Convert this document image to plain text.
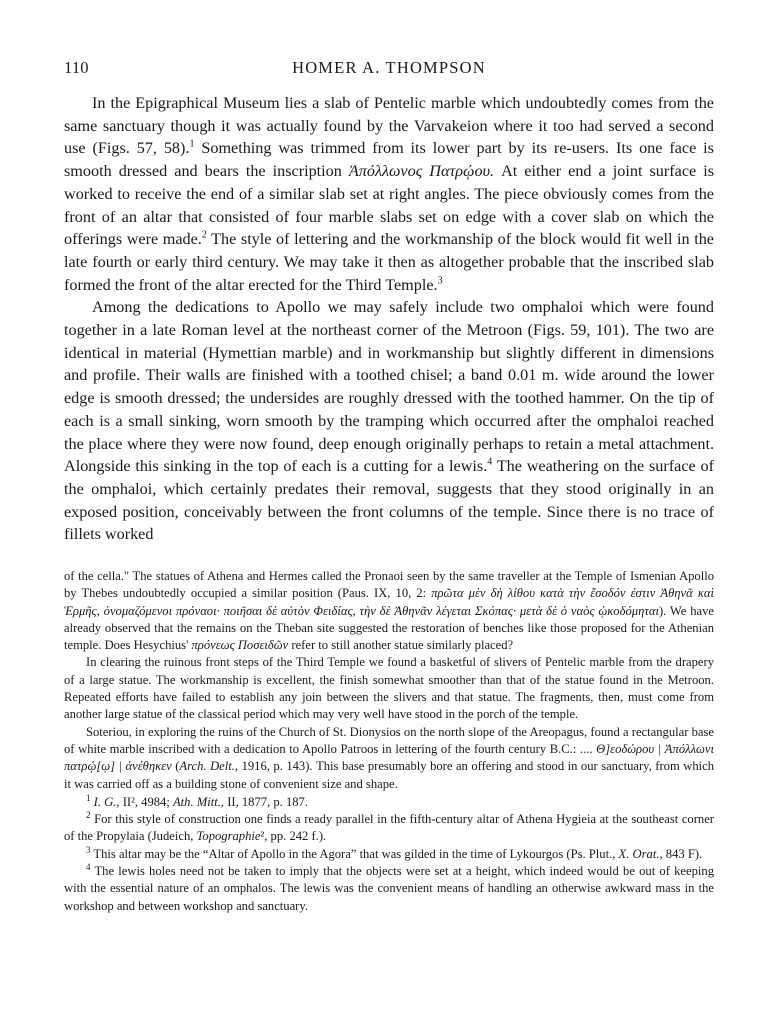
110	HOMER A. THOMPSON

In the Epigraphical Museum lies a slab of Pentelic marble which undoubtedly comes from the same sanctuary though it was actually found by the Varvakeion where it too had served a second use (Figs. 57, 58).$^1$ Something was trimmed from its lower part by its re-users. Its one face is smooth dressed and bears the inscription Ἀπόλλωνος Πατρῴου. At either end a joint surface is worked to receive the end of a similar slab set at right angles. The piece obviously comes from the front of an altar that consisted of four marble slabs set on edge with a cover slab on which the offerings were made.$^2$ The style of lettering and the workmanship of the block would fit well in the late fourth or early third century. We may take it then as altogether probable that the inscribed slab formed the front of the altar erected for the Third Temple.$^3$

Among the dedications to Apollo we may safely include two omphaloi which were found together in a late Roman level at the northeast corner of the Metroon (Figs. 59, 101). The two are identical in material (Hymettian marble) and in workmanship but slightly different in dimensions and profile. Their walls are finished with a toothed chisel; a band 0.01 m. wide around the lower edge is smooth dressed; the undersides are roughly dressed with the toothed hammer. On the tip of each is a small sinking, worn smooth by the tramping which occurred after the omphaloi reached the place where they were now found, deep enough originally perhaps to retain a metal attachment. Alongside this sinking in the top of each is a cutting for a lewis.$^4$ The weathering on the surface of the omphaloi, which certainly predates their removal, suggests that they stood originally in an exposed position, conceivably between the front columns of the temple. Since there is no trace of fillets worked

of the cella." The statues of Athena and Hermes called the Pronaoi seen by the same traveller at the Temple of Ismenian Apollo by Thebes undoubtedly occupied a similar position (Paus. IX, 10, 2: πρῶτα μὲν δὴ λίθου κατὰ τὴν ἔσοδόν ἐστιν Ἀθηνᾶ καὶ Ἑρμῆς, ὀνομαζόμενοι πρόναοι· ποιῆσαι δὲ αὐτὸν Φειδίας, τὴν δὲ Ἀθηνᾶν λέγεται Σκόπας· μετὰ δὲ ὁ ναὸς ᾠκοδόμηται). We have already observed that the remains on the Theban site suggested the restoration of benches like those proposed for the Athenian temple. Does Hesychius' πρόνεως Ποσειδῶν refer to still another statue similarly placed?

In clearing the ruinous front steps of the Third Temple we found a basketful of slivers of Pentelic marble from the drapery of a large statue. The workmanship is excellent, the finish somewhat smoother than that of the statue found in the Metroon. Repeated efforts have failed to establish any join between the slivers and that statue. The fragments, then, must come from another large statue of the classical period which may very well have stood in the porch of the temple.

Soteriou, in exploring the ruins of the Church of St. Dionysios on the north slope of the Areopagus, found a rectangular base of white marble inscribed with a dedication to Apollo Patroos in lettering of the fourth century B.C.: .... Θ]εοδώρου | Ἀπόλλωνι πατρῴ[ῳ] | ἀνέθηκεν (Arch. Delt., 1916, p. 143). This base presumably bore an offering and stood in our sanctuary, from which it was carried off as a building stone of convenient size and shape.

$^1$ I. G., II², 4984; Ath. Mitt., II, 1877, p. 187.

$^2$ For this style of construction one finds a ready parallel in the fifth-century altar of Athena Hygieia at the southeast corner of the Propylaia (Judeich, Topographie², pp. 242 f.).

$^3$ This altar may be the “Altar of Apollo in the Agora” that was gilded in the time of Lykourgos (Ps. Plut., X. Orat., 843 F).

$^4$ The lewis holes need not be taken to imply that the objects were set at a height, which indeed would be out of keeping with the essential nature of an omphalos. The lewis was the convenient means of handling an otherwise awkward mass in the workshop and between workshop and sanctuary.
